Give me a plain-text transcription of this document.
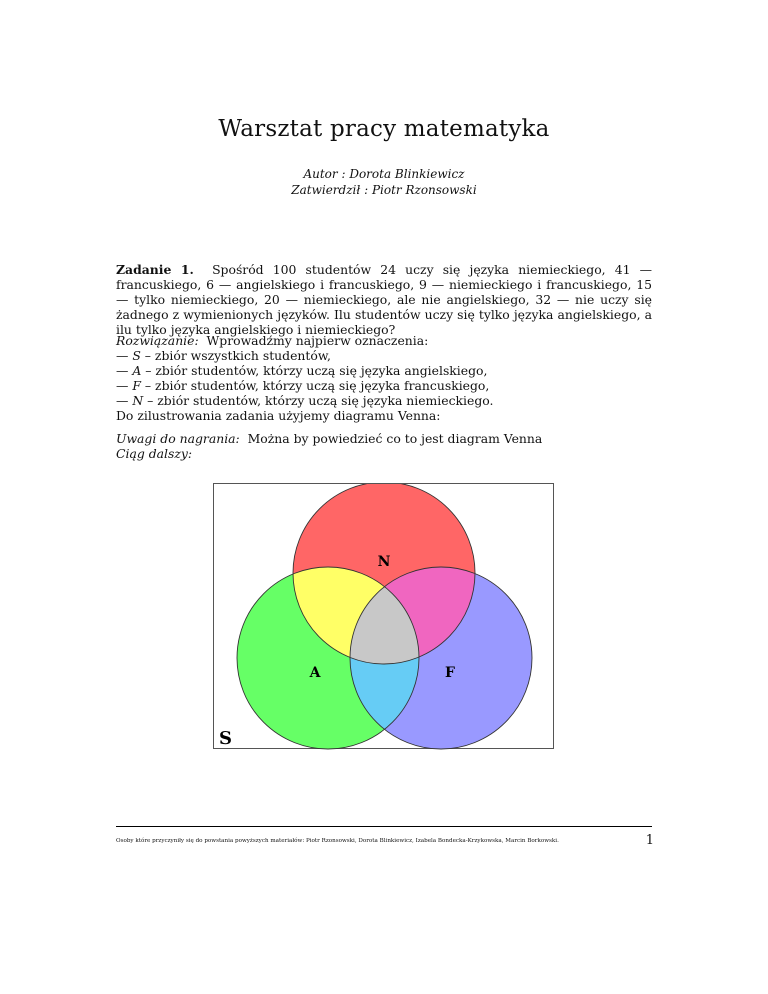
Warsztat pracy matematyka
Autor : Dorota Blinkiewicz
Zatwierdził : Piotr Rzonsowski
Zadanie 1. Spośród 100 studentów 24 uczy się języka niemieckiego, 41 — francuskiego, 6 — angielskiego i francuskiego, 9 — niemieckiego i francuskiego, 15 — tylko niemieckiego, 20 — niemieckiego, ale nie angielskiego, 32 — nie uczy się żadnego z wymienionych języków. Ilu studentów uczy się tylko języka angielskiego, a ilu tylko języka angielskiego i niemieckiego?
Rozwiązanie: Wprowadźmy najpierw oznaczenia:
— S – zbiór wszystkich studentów,
— A – zbiór studentów, którzy uczą się języka angielskiego,
— F – zbiór studentów, którzy uczą się języka francuskiego,
— N – zbiór studentów, którzy uczą się języka niemieckiego.
Do zilustrowania zadania użyjemy diagramu Venna:
Uwagi do nagrania: Można by powiedzieć co to jest diagram Venna
Ciąg dalszy:
N
A	F
S
Osoby które przyczyniły się do powstania powyższych materiałów: Piotr Rzonsowski, Dorota Blinkiewicz, Izabela Bondecka-Krzykowska, Marcin Borkowski.	1
